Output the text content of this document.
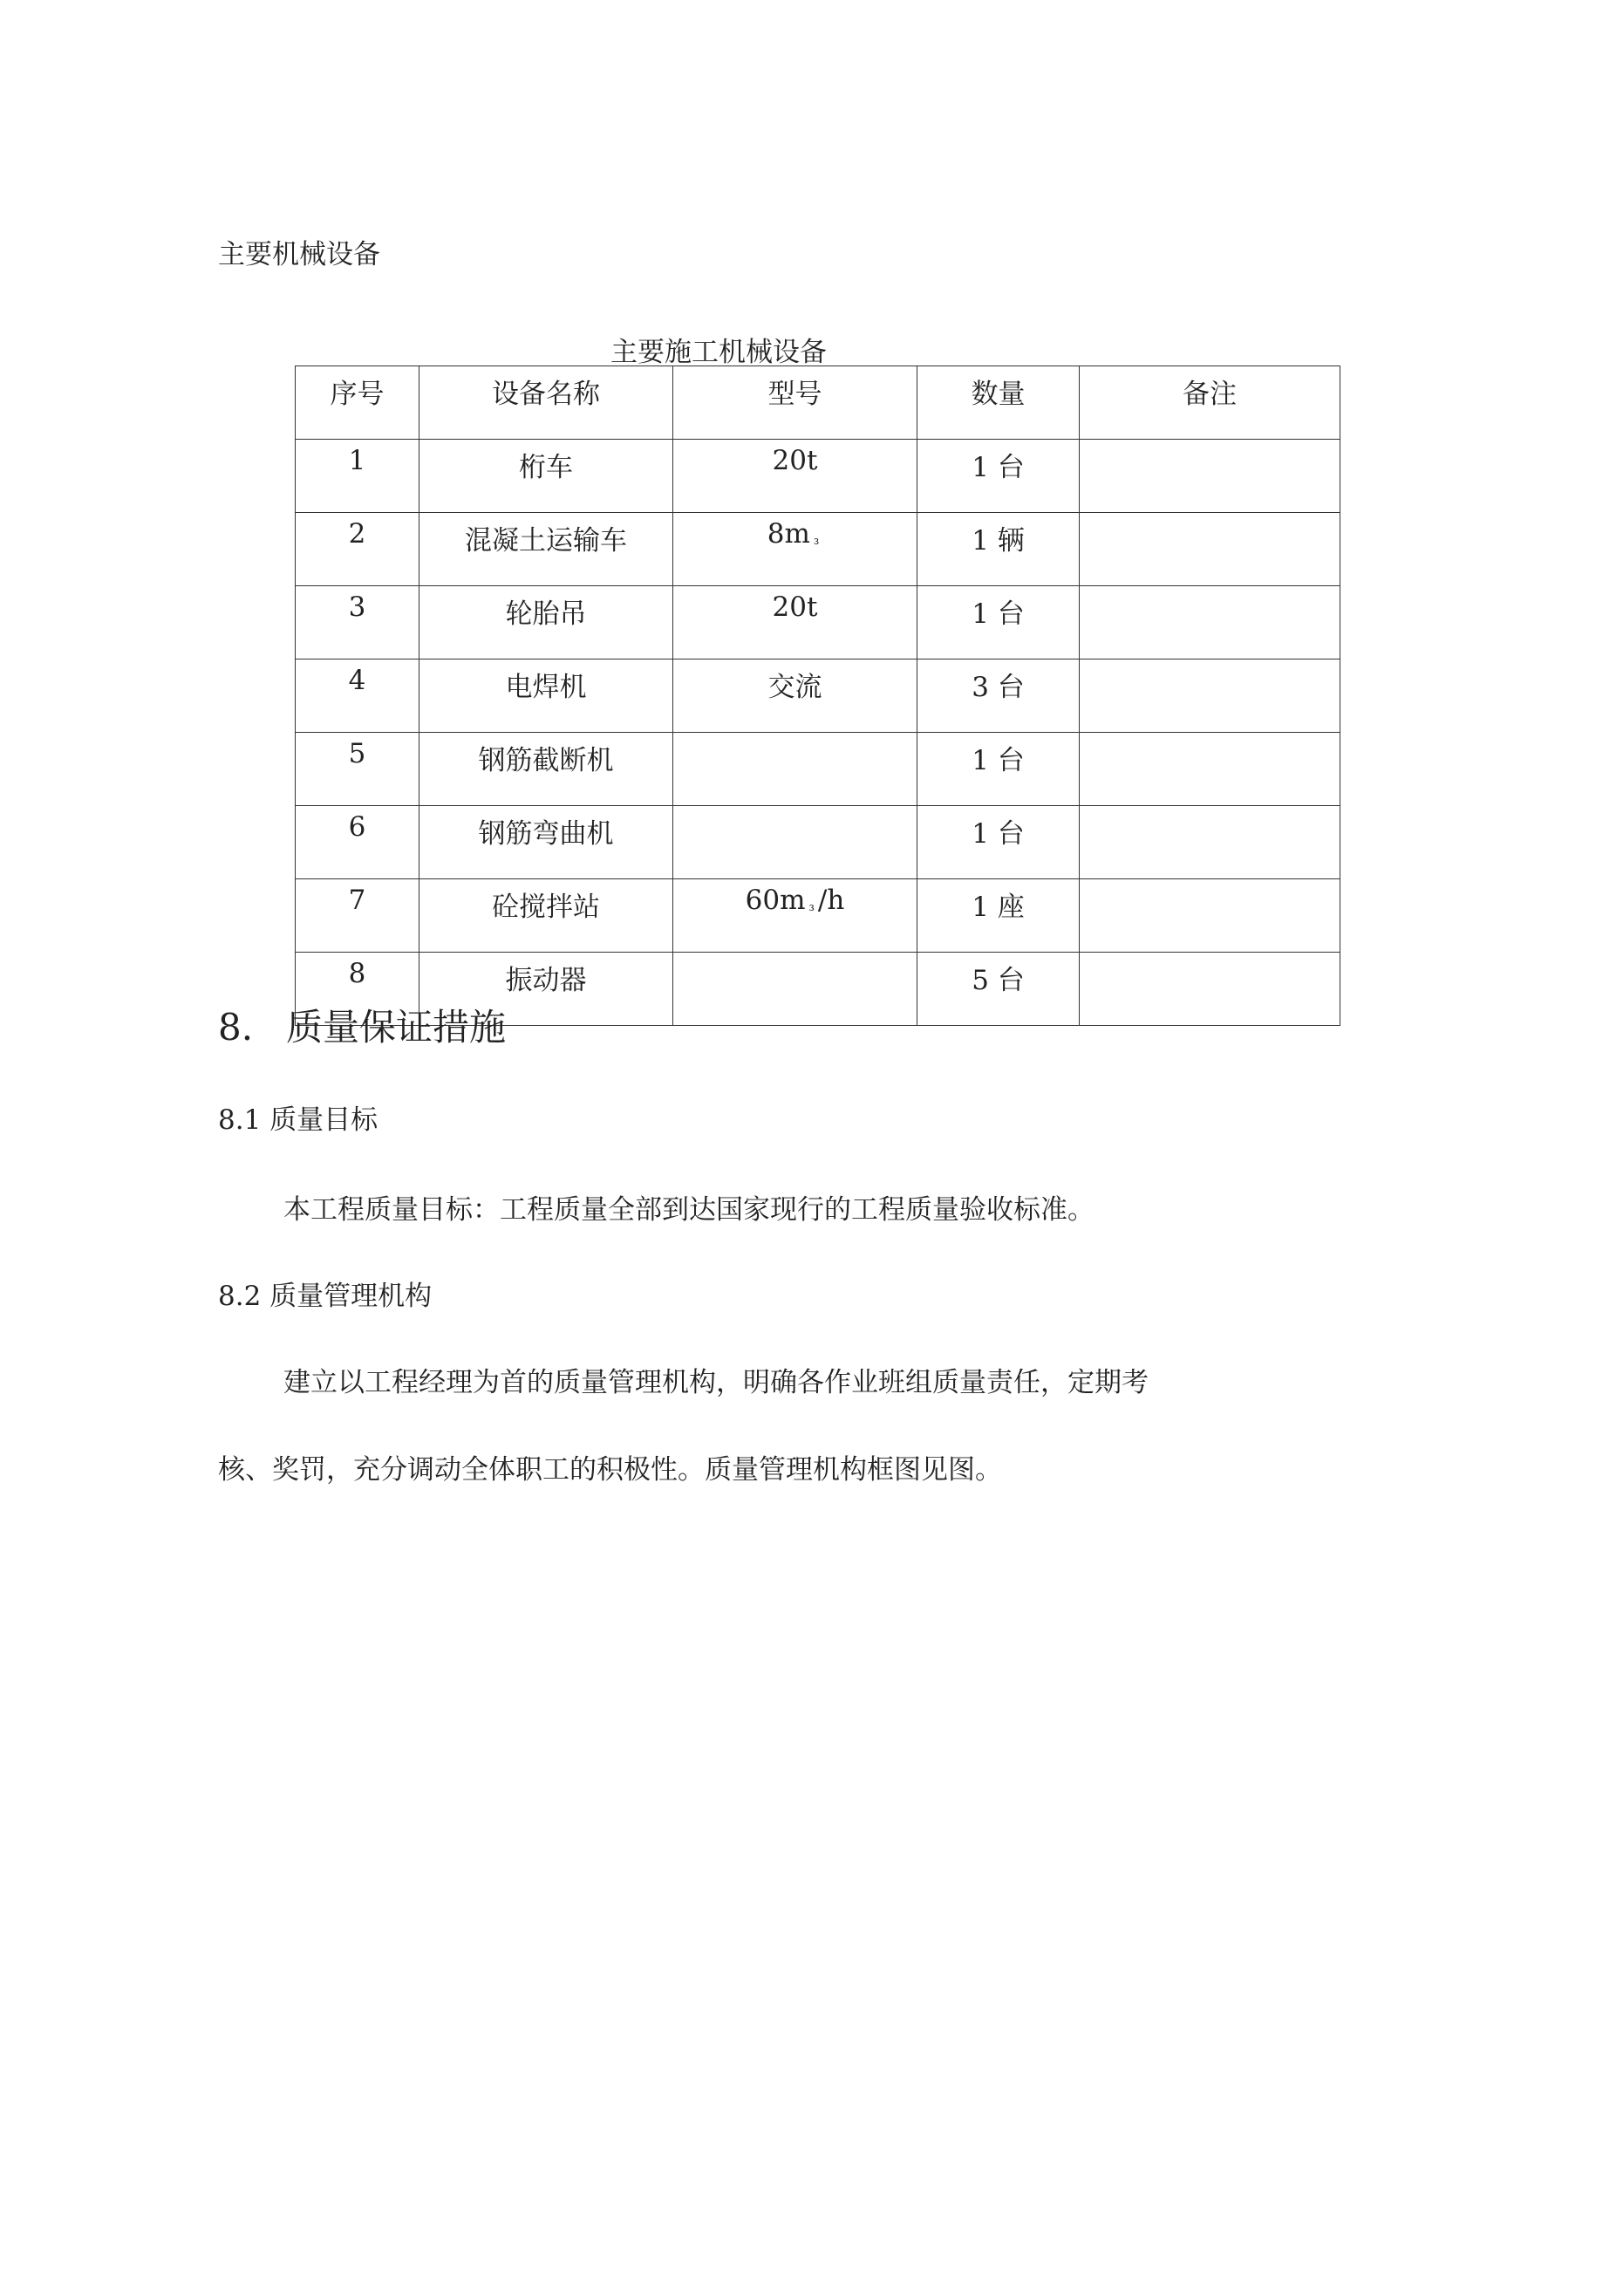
主要机械设备
主要施工机械设备
序号	设备名称	型号	数量	备注
1	桁车	20t	1 台	
2	混凝土运输车	8m $_{_3}$	1 辆	
3	轮胎吊	20t	1 台	
4	电焊机	交流	3 台	
5	钢筋截断机		1 台	
6	钢筋弯曲机		1 台	
7	砼搅拌站	60m $_{_3}$ /h	1 座	
8	振动器		5 台	
8. 质量保证措施
8.1 质量目标
本工程质量目标：工程质量全部到达国家现行的工程质量验收标准。
8.2 质量管理机构
建立以工程经理为首的质量管理机构，明确各作业班组质量责任，定期考
核、奖罚，充分调动全体职工的积极性。质量管理机构框图见图。
